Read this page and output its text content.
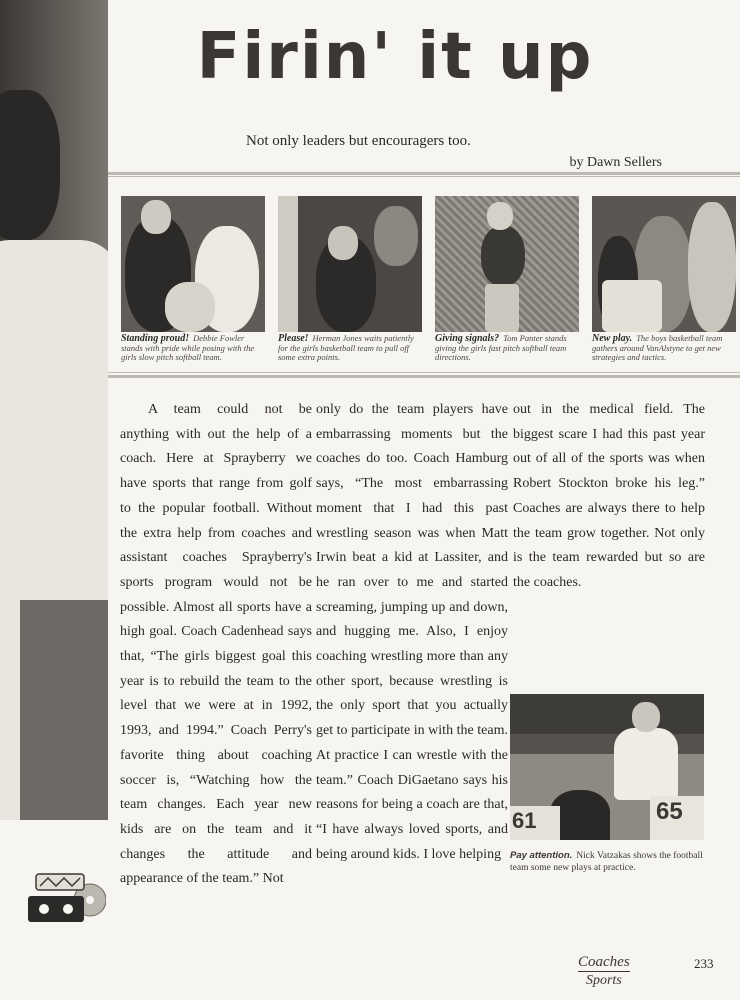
Firin' it up

Not only leaders but encouragers too.

by Dawn Sellers
Standing proud! Debbie Fowler stands with pride while posing with the girls slow pitch softball team.
Please! Herman Jones waits patiently for the girls basketball team to pull off some extra points.
Giving signals? Tom Panter stands giving the girls fast pitch softball team directions.
New play. The boys basketball team gathers around VanAlstyne to get new strategies and tactics.

A team could not be anything with out the help of a coach. Here at Sprayberry we have sports that range from golf to the popular football. Without the extra help from coaches and assistant coaches Sprayberry's sports program would not be possible. Almost all sports have a high goal. Coach Cadenhead says that, “The girls biggest goal this year is to rebuild the team to the level that we were at in 1992, 1993, and 1994.” Coach Perry's favorite thing about coaching soccer is, “Watching how the team changes. Each year new kids are on the team and it changes the attitude and appearance of the team.” Not

only do the team players have embarrassing moments but the coaches do too. Coach Hamburg says, “The most embarrassing moment that I had this past wrestling season was when Matt Irwin beat a kid at Lassiter, and he ran over to me and started screaming, jumping up and down, and hugging me. Also, I enjoy coaching wrestling more than any other sport, because wrestling is the only sport that you actually get to participate in with the team. At practice I can wrestle with the team.” Coach DiGaetano says his reasons for being a coach are that, “I have always loved sports, and being around kids. I love helping

out in the medical field. The biggest scare I had this past year out of all of the sports was when Robert Stockton broke his leg.” Coaches are always there to help the team grow together. Not only is the team rewarded but so are the coaches.

61	65
Pay attention. Nick Vatzakas shows the football team some new plays at practice.
Coaches
Sports
233
